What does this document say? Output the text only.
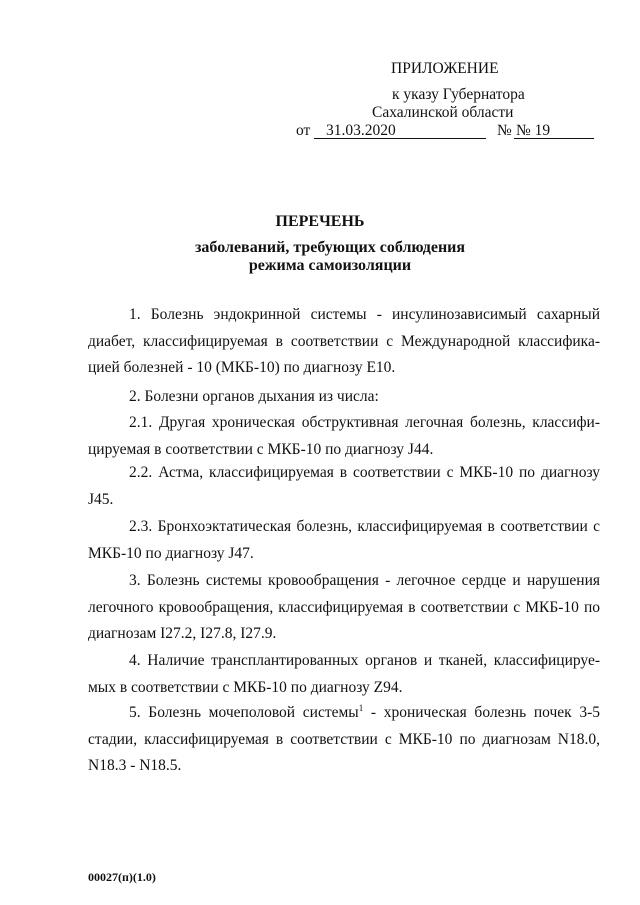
ПРИЛОЖЕНИЕ
к указу Губернатора
Сахалинской области
от 31.03.2020	№ № 19
ПЕРЕЧЕНЬ
заболеваний, требующих соблюдения
режима самоизоляции
1. Болезнь эндокринной системы - инсулинозависимый сахарный диабет, классифицируемая в соответствии с Международной классифика-цией болезней - 10 (МКБ-10) по диагнозу Е10.
2. Болезни органов дыхания из числа:
2.1. Другая хроническая обструктивная легочная болезнь, классифи-цируемая в соответствии с МКБ-10 по диагнозу J44.
2.2. Астма, классифицируемая в соответствии с МКБ-10 по диагнозу J45.
2.3. Бронхоэктатическая болезнь, классифицируемая в соответствии с МКБ-10 по диагнозу J47.
3. Болезнь системы кровообращения - легочное сердце и нарушения легочного кровообращения, классифицируемая в соответствии с МКБ-10 по диагнозам I27.2, I27.8, I27.9.
4. Наличие трансплантированных органов и тканей, классифицируе-мых в соответствии с МКБ-10 по диагнозу Z94.
5. Болезнь мочеполовой системы$^1$ - хроническая болезнь почек 3-5 стадии, классифицируемая в соответствии с МКБ-10 по диагнозам N18.0, N18.3 - N18.5.
00027(п)(1.0)
